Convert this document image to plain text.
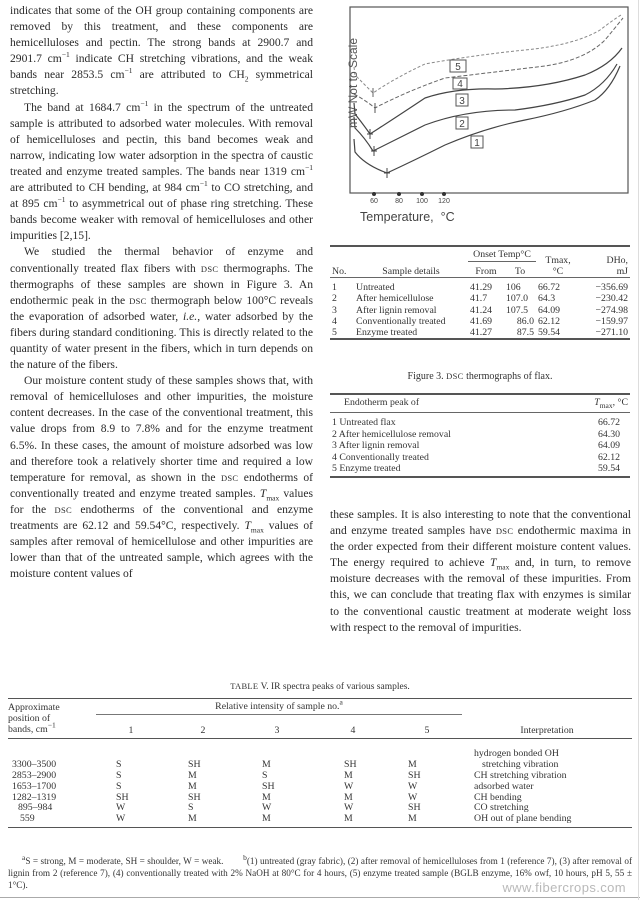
indicates that some of the OH group containing components are removed by this treatment, and these components are hemicelluloses and pectin. The strong bands at 2900.7 and 2901.7 $cm^{-1}$ indicate CH stretching vibrations, and the weak bands near 2853.5 $cm^{-1}$ are attributed to $CH_2$ symmetrical stretching.

The band at 1684.7 $cm^{-1}$ in the spectrum of the untreated sample is attributed to adsorbed water molecules. With removal of hemicelluloses and pectin, this band becomes weak and narrow, indicating low water adsorption in the spectra of caustic treated and enzyme treated samples. The bands near 1319 $cm^{-1}$ are attributed to CH bending, at 984 $cm^{-1}$ to CO stretching, and at 895 $cm^{-1}$ to asymmetrical out of phase ring stretching. These bands become weaker with removal of hemicelluloses and other impurities [2,15].

We studied the thermal behavior of enzyme and conventionally treated flax fibers with DSC thermographs. The thermographs of these samples are shown in Figure 3. An endothermic peak in the DSC thermograph below 100°C reveals the evaporation of adsorbed water, i.e., water adsorbed by the fibers during standard conditioning. This is directly related to the quantity of water present in the fibers, which in turn depends on the nature of the fibers.

Our moisture content study of these samples shows that, with removal of hemicelluloses and other impurities, the moisture content decreases. In the case of the conventional treatment, this value drops from 8.9 to 7.8% and for the enzyme treatment 6.5%. In these cases, the amount of moisture adsorbed was low and therefore took a relatively shorter time and required a low temperature for removal, as shown in the DSC endotherms of conventionally treated and enzyme treated samples. $T_{max}$ values for the DSC endotherms of the conventional and enzyme treatments are 62.12 and 59.54°C, respectively. $T_{max}$ values of samples after removal of hemicellulose and other impurities are lower than that of the untreated sample, which agrees with the moisture content values of

5
4
3
2
1
mW Not to Scale
60 80 100 120
Temperature, °C
		Onset Temp°C		Tmax,
°C	DHo,
mJ
No.	Sample details	From	To		

1	Untreated	41.29	106	66.72	−356.69
2	After hemicellulose	41.7	107.0	64.3	−230.42
3	After lignin removal	41.24	107.5	64.09	−274.98
4	Conventionally treated	41.69	86.0	62.12	−159.97
5	Enzyme treated	41.27	87.5	59.54	−271.10
Figure 3. DSC thermographs of flax.
Endotherm peak of	$T_{max}$, °C

1 Untreated flax	66.72
2 After hemicellulose removal	64.30
3 After lignin removal	64.09
4 Conventionally treated	62.12
5 Enzyme treated	59.54

these samples. It is also interesting to note that the conventional and enzyme treated samples have DSC endothermic maxima in the order expected from their different moisture content values. The energy required to achieve $T_{max}$ and, in turn, to remove moisture decreases with the removal of these impurities. From this, we can conclude that treating flax with enzymes is similar to the conventional caustic treatment at moderate weight loss with respect to the removal of impurities.

TABLE V. IR spectra peaks of various samples.
Approximate	Relative intensity of sample no.$^a$	
position of						
bands, $cm^{-1}$	1	2	3	4	5	Interpretation

						hydrogen bonded OH
3300–3500	S	SH	M	SH	M	stretching vibration
2853–2900	S	M	S	M	SH	CH stretching vibration
1653–1700	S	M	SH	W	W	adsorbed water
1282–1319	SH	SH	M	M	W	CH bending
895–984	W	S	W	W	SH	CO stretching
559	W	M	M	M	M	OH out of plane bending
$^a$S = strong, M = moderate, SH = shoulder, W = weak.	$^b$(1) untreated (gray fabric), (2) after removal of hemicelluloses from 1 (reference 7), (3) after removal of lignin from 2 (reference 7), (4) conventionally treated with 2% NaOH at 80°C for 4 hours, (5) enzyme treated sample (BGLB enzyme, 16% owf, 10 hours, pH 5, 55 ± 1°C).	www.fibercrops.com
